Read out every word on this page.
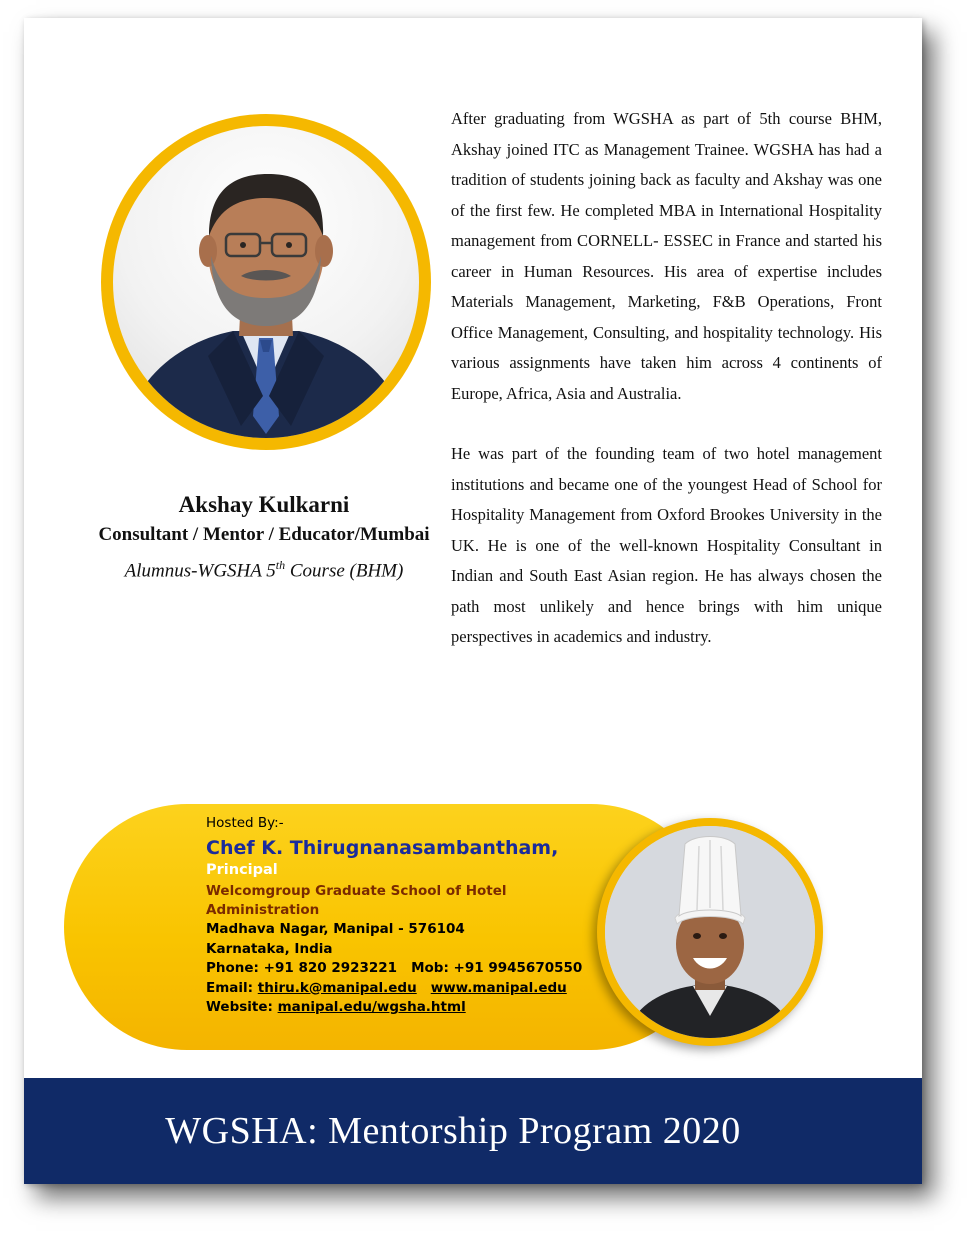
Akshay Kulkarni
Consultant / Mentor / Educator/Mumbai
Alumnus-WGSHA 5th Course (BHM)

After graduating from WGSHA as part of 5th course BHM, Akshay joined ITC as Management Trainee. WGSHA has had a tradition of students joining back as faculty and Akshay was one of the first few. He completed MBA in International Hospitality management from CORNELL- ESSEC in France and started his career in Human Resources. His area of expertise includes Materials Management, Marketing, F&B Operations, Front Office Management, Consulting, and hospitality technology. His various assignments have taken him across 4 continents of Europe, Africa, Asia and Australia.

He was part of the founding team of two hotel management institutions and became one of the youngest Head of School for Hospitality Management from Oxford Brookes University in the UK. He is one of the well-known Hospitality Consultant in Indian and South East Asian region. He has always chosen the path most unlikely and hence brings with him unique perspectives in academics and industry.

Hosted By:-
Chef K. Thirugnanasambantham,
Principal
Welcomgroup Graduate School of Hotel Administration
Madhava Nagar, Manipal - 576104
Karnataka, India
Phone: +91 820 2923221 Mob: +91 9945670550
Email: thiru.k@manipal.edu www.manipal.edu
Website: manipal.edu/wgsha.html
WGSHA: Mentorship Program 2020
